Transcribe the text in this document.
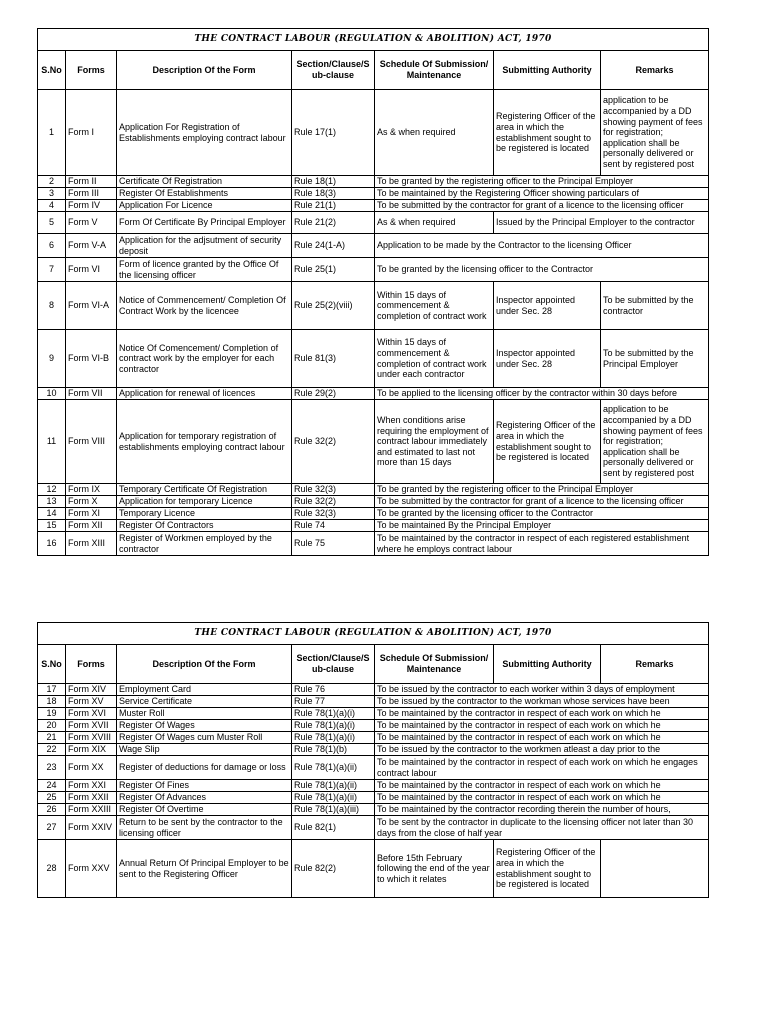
THE CONTRACT LABOUR (REGULATION & ABOLITION) ACT, 1970						
S.No	Forms	Description Of the Form	Section/Clause/S ub-clause	Schedule Of Submission/ Maintenance	Submitting Authority	Remarks
1	Form I	Application For Registration of Establishments employing contract labour	Rule 17(1)	As & when required	Registering Officer of the area in which the establishment sought to be registered is located	application to be accompanied by a DD showing payment of fees for registration; application shall be personally delivered or sent by registered post
2	Form II	Certificate Of Registration	Rule 18(1)	To be granted by the registering officer to the Principal Employer		
3	Form III	Register Of Establishments	Rule 18(3)	To be maintained by the Registering Officer showing particulars of		
4	Form IV	Application For Licence	Rule 21(1)	To be submitted by the contractor for grant of a licence to the licensing officer		
5	Form V	Form Of Certificate By Principal Employer	Rule 21(2)	As & when required	Issued by the Principal Employer to the contractor	
6	Form V-A	Application for the adjsutment of security deposit	Rule 24(1-A)	Application to be made by the Contractor to the licensing Officer		
7	Form VI	Form of licence granted by the Office Of the licensing officer	Rule 25(1)	To be granted by the licensing officer to the Contractor		
8	Form VI-A	Notice of Commencement/ Completion Of Contract Work by the licencee	Rule 25(2)(viii)	Within 15 days of commencement & completion of contract work	Inspector appointed under Sec. 28	To be submitted by the contractor
9	Form VI-B	Notice Of Comencement/ Completion of contract work by the employer for each contractor	Rule 81(3)	Within 15 days of commencement & completion of contract work under each contractor	Inspector appointed under Sec. 28	To be submitted by the Principal Employer
10	Form VII	Application for renewal of licences	Rule 29(2)	To be applied to the licensing officer by the contractor within 30 days before		
11	Form VIII	Application for temporary registration of establishments employing contract labour	Rule 32(2)	When conditions arise requiring the employment of contract labour immediately and estimated to last not more than 15 days	Registering Officer of the area in which the establishment sought to be registered is located	application to be accompanied by a DD showing payment of fees for registration; application shall be personally delivered or sent by registered post
12	Form IX	Temporary Certificate Of Registration	Rule 32(3)	To be granted by the registering officer to the Principal Employer		
13	Form X	Application for temporary Licence	Rule 32(2)	To be submitted by the contractor for grant of a licence to the licensing officer		
14	Form XI	Temporary Licence	Rule 32(3)	To be granted by the licensing officer to the Contractor		
15	Form XII	Register Of Contractors	Rule 74	To be maintained By the Principal Employer		
16	Form XIII	Register of Workmen employed by the contractor	Rule 75	To be maintained by the contractor in respect of each registered establishment where he employs contract labour		
THE CONTRACT LABOUR (REGULATION & ABOLITION) ACT, 1970						
S.No	Forms	Description Of the Form	Section/Clause/S ub-clause	Schedule Of Submission/ Maintenance	Submitting Authority	Remarks
17	Form XIV	Employment Card	Rule 76	To be issued by the contractor to each worker within 3 days of employment		
18	Form XV	Service Certificate	Rule 77	To be issued by the contractor to the workman whose services have been		
19	Form XVI	Muster Roll	Rule 78(1)(a)(i)	To be maintained by the contractor in respect of each work on which he		
20	Form XVII	Register Of Wages	Rule 78(1)(a)(i)	To be maintained by the contractor in respect of each work on which he		
21	Form XVIII	Register Of Wages cum Muster Roll	Rule 78(1)(a)(i)	To be maintained by the contractor in respect of each work on which he		
22	Form XIX	Wage Slip	Rule 78(1)(b)	To be issued by the contractor to the workmen atleast a day prior to the		
23	Form XX	Register of deductions for damage or loss	Rule 78(1)(a)(ii)	To be maintained by the contractor in respect of each work on which he engages contract labour		
24	Form XXI	Register Of Fines	Rule 78(1)(a)(ii)	To be maintained by the contractor in respect of each work on which he		
25	Form XXII	Register Of Advances	Rule 78(1)(a)(ii)	To be maintained by the contractor in respect of each work on which he		
26	Form XXIII	Register Of Overtime	Rule 78(1)(a)(iii)	To be maintained by the contractor recording therein the number of hours,		
27	Form XXIV	Return to be sent by the contractor to the licensing officer	Rule 82(1)	To be sent by the contractor in duplicate to the licensing officer not later than 30 days from the close of half year		
28	Form XXV	Annual Return Of Principal Employer to be sent to the Registering Officer	Rule 82(2)	Before 15th February following the end of the year to which it relates	Registering Officer of the area in which the establishment sought to be registered is located	
